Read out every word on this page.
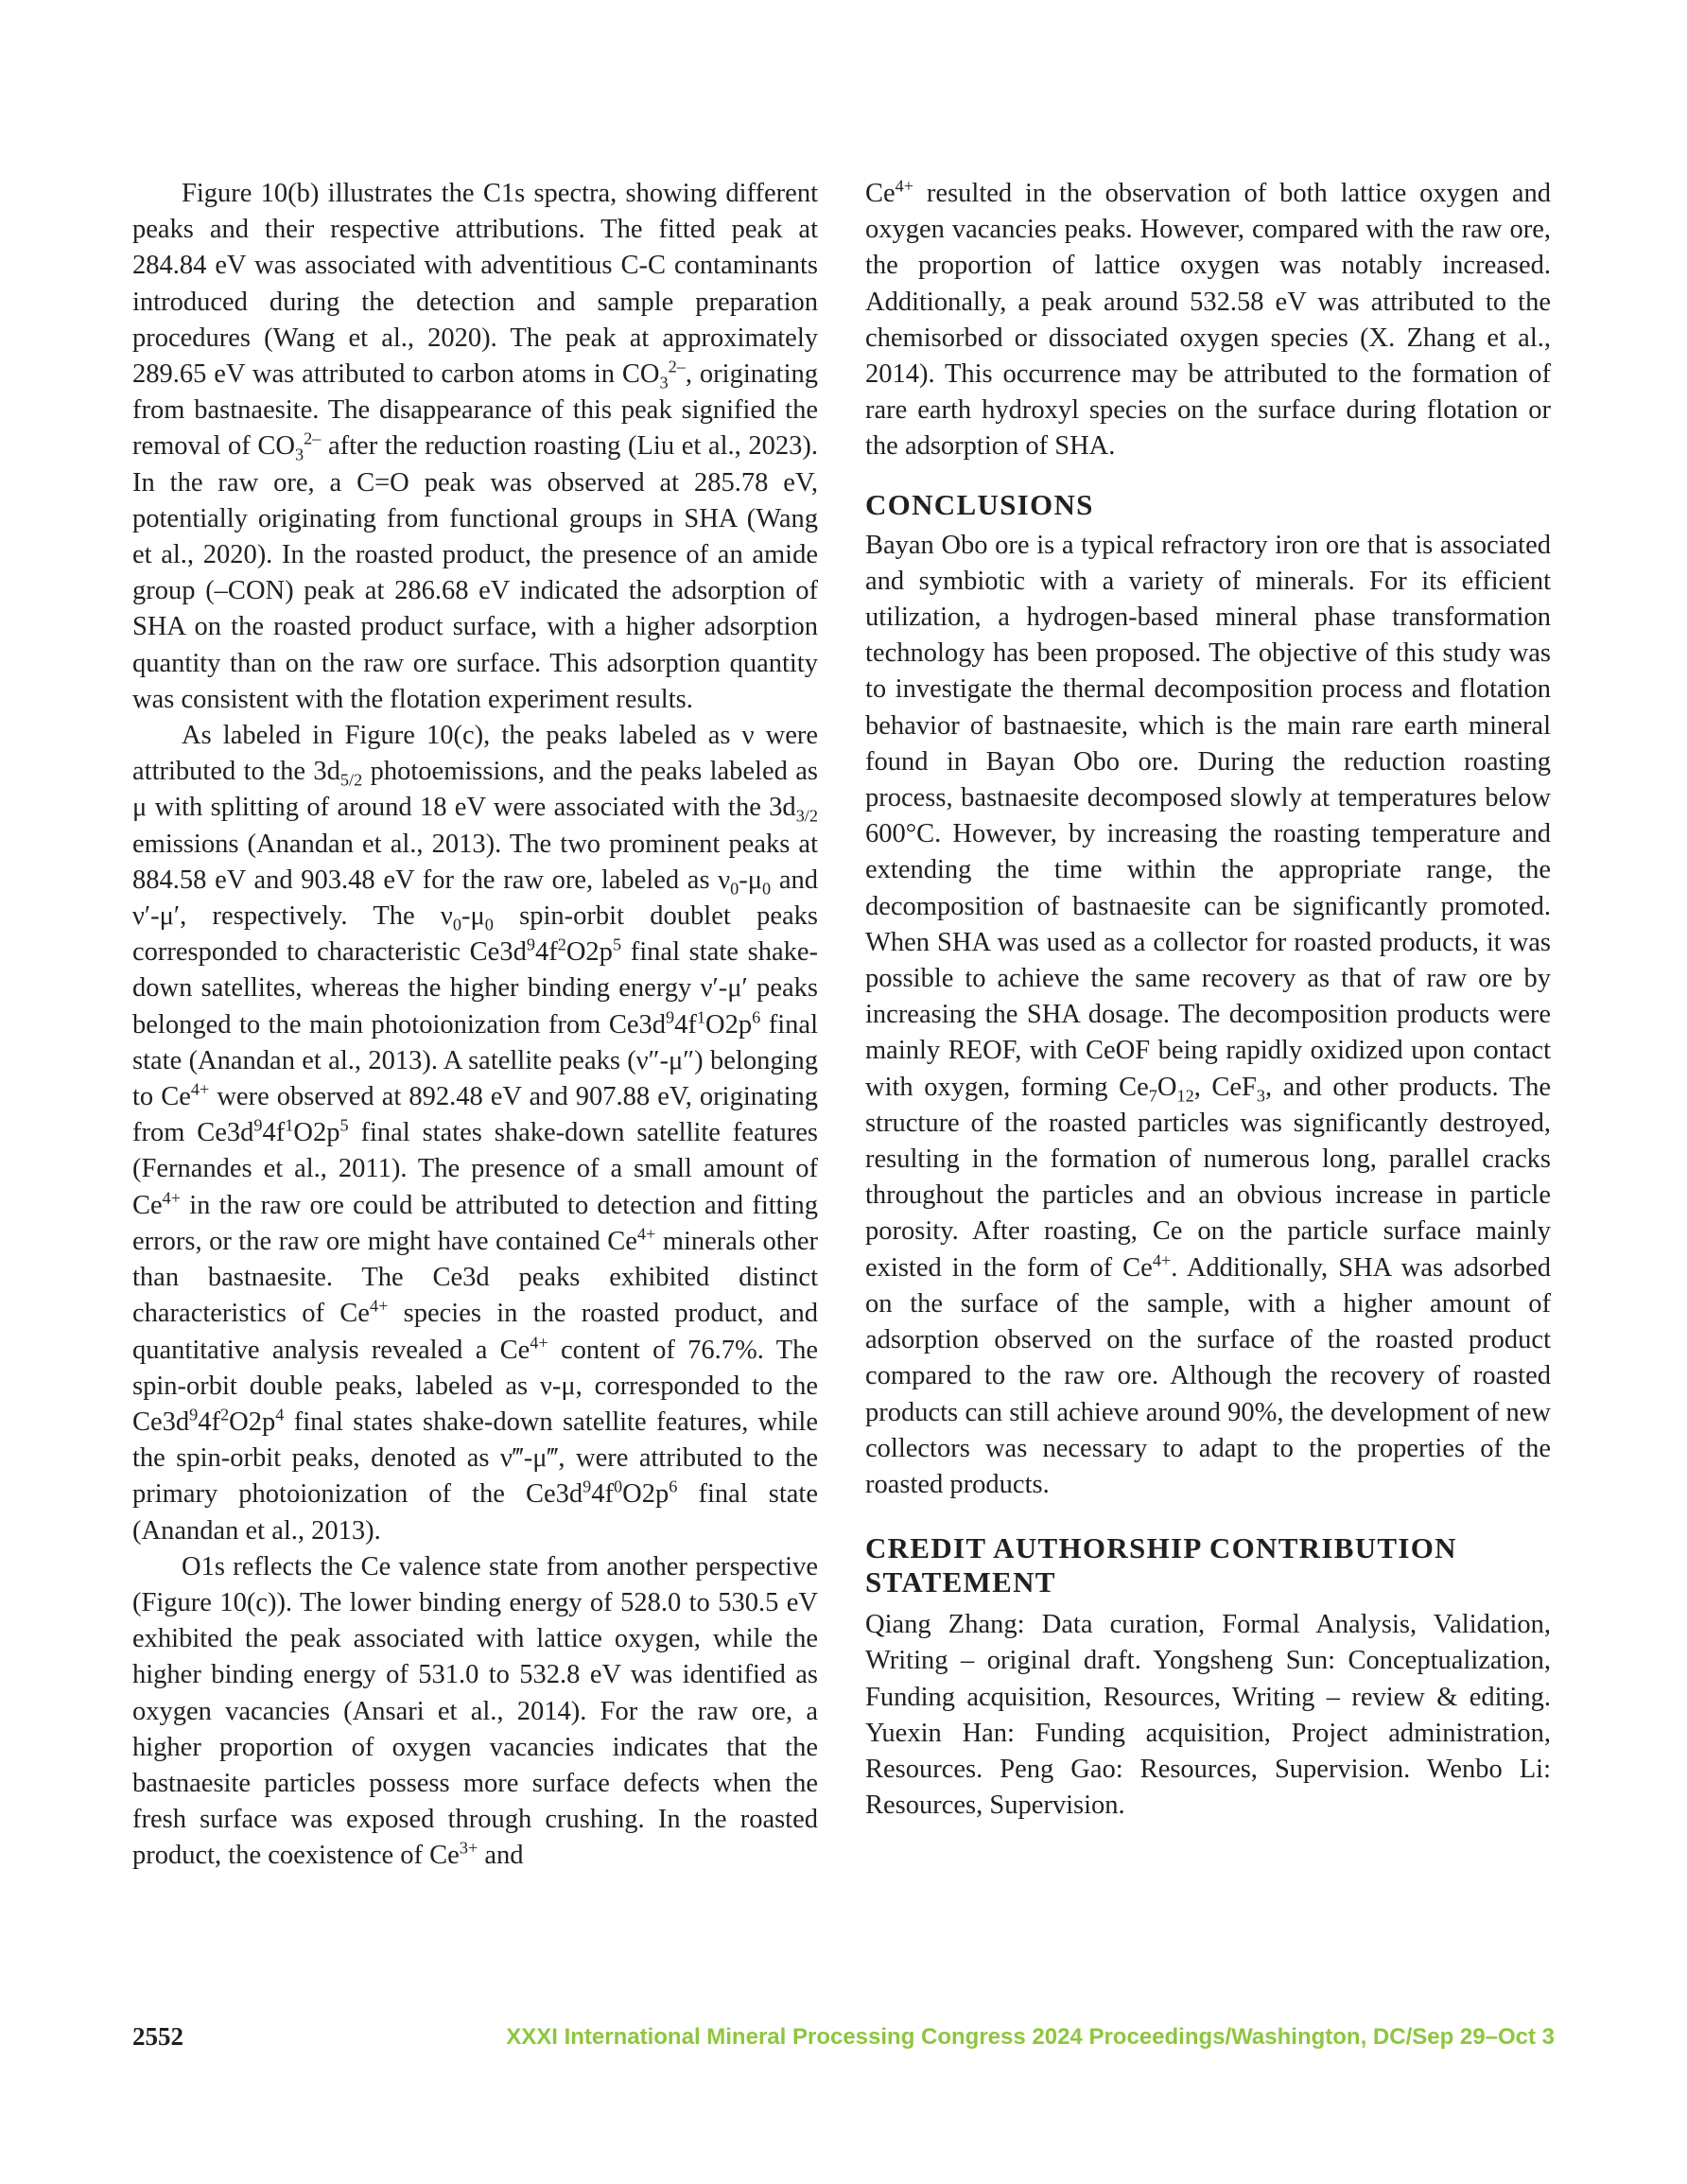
Figure 10(b) illustrates the C1s spectra, showing different peaks and their respective attributions. The fitted peak at 284.84 eV was associated with adventitious C-C contaminants introduced during the detection and sample preparation procedures (Wang et al., 2020). The peak at approximately 289.65 eV was attributed to carbon atoms in $CO_3^{2-}$, originating from bastnaesite. The disappearance of this peak signified the removal of $CO_3^{2-}$ after the reduction roasting (Liu et al., 2023). In the raw ore, a C=O peak was observed at 285.78 eV, potentially originating from functional groups in SHA (Wang et al., 2020). In the roasted product, the presence of an amide group (–CON) peak at 286.68 eV indicated the adsorption of SHA on the roasted product surface, with a higher adsorption quantity than on the raw ore surface. This adsorption quantity was consistent with the flotation experiment results.

As labeled in Figure 10(c), the peaks labeled as ν were attributed to the $3d_{5/2}$ photoemissions, and the peaks labeled as μ with splitting of around 18 eV were associated with the $3d_{3/2}$ emissions (Anandan et al., 2013). The two prominent peaks at 884.58 eV and 903.48 eV for the raw ore, labeled as $\nu_0-\mu_0$ and ν′-μ′, respectively. The $\nu_0-\mu_0$ spin-orbit doublet peaks corresponded to characteristic $Ce3d^94f^2O2p^5$ final state shake-down satellites, whereas the higher binding energy ν′-μ′ peaks belonged to the main photoionization from $Ce3d^94f^1O2p^6$ final state (Anandan et al., 2013). A satellite peaks (ν″-μ″) belonging to $Ce^{4+}$ were observed at 892.48 eV and 907.88 eV, originating from $Ce3d^94f^1O2p^5$ final states shake-down satellite features (Fernandes et al., 2011). The presence of a small amount of $Ce^{4+}$ in the raw ore could be attributed to detection and fitting errors, or the raw ore might have contained $Ce^{4+}$ minerals other than bastnaesite. The Ce3d peaks exhibited distinct characteristics of $Ce^{4+}$ species in the roasted product, and quantitative analysis revealed a $Ce^{4+}$ content of 76.7%. The spin-orbit double peaks, labeled as ν-μ, corresponded to the $Ce3d^94f^2O2p^4$ final states shake-down satellite features, while the spin-orbit peaks, denoted as ν‴-μ‴, were attributed to the primary photoionization of the $Ce3d^94f^0O2p^6$ final state (Anandan et al., 2013).

O1s reflects the Ce valence state from another perspective (Figure 10(c)). The lower binding energy of 528.0 to 530.5 eV exhibited the peak associated with lattice oxygen, while the higher binding energy of 531.0 to 532.8 eV was identified as oxygen vacancies (Ansari et al., 2014). For the raw ore, a higher proportion of oxygen vacancies indicates that the bastnaesite particles possess more surface defects when the fresh surface was exposed through crushing. In the roasted product, the coexistence of $Ce^{3+}$ and

$Ce^{4+}$ resulted in the observation of both lattice oxygen and oxygen vacancies peaks. However, compared with the raw ore, the proportion of lattice oxygen was notably increased. Additionally, a peak around 532.58 eV was attributed to the chemisorbed or dissociated oxygen species (X. Zhang et al., 2014). This occurrence may be attributed to the formation of rare earth hydroxyl species on the surface during flotation or the adsorption of SHA.

CONCLUSIONS

Bayan Obo ore is a typical refractory iron ore that is associated and symbiotic with a variety of minerals. For its efficient utilization, a hydrogen-based mineral phase transformation technology has been proposed. The objective of this study was to investigate the thermal decomposition process and flotation behavior of bastnaesite, which is the main rare earth mineral found in Bayan Obo ore. During the reduction roasting process, bastnaesite decomposed slowly at temperatures below 600°C. However, by increasing the roasting temperature and extending the time within the appropriate range, the decomposition of bastnaesite can be significantly promoted. When SHA was used as a collector for roasted products, it was possible to achieve the same recovery as that of raw ore by increasing the SHA dosage. The decomposition products were mainly REOF, with CeOF being rapidly oxidized upon contact with oxygen, forming $Ce_7O_{12}$, CeF$_3$, and other products. The structure of the roasted particles was significantly destroyed, resulting in the formation of numerous long, parallel cracks throughout the particles and an obvious increase in particle porosity. After roasting, Ce on the particle surface mainly existed in the form of $Ce^{4+}$. Additionally, SHA was adsorbed on the surface of the sample, with a higher amount of adsorption observed on the surface of the roasted product compared to the raw ore. Although the recovery of roasted products can still achieve around 90%, the development of new collectors was necessary to adapt to the properties of the roasted products.

CREDIT AUTHORSHIP CONTRIBUTION STATEMENT

Qiang Zhang: Data curation, Formal Analysis, Validation, Writing – original draft. Yongsheng Sun: Conceptualization, Funding acquisition, Resources, Writing – review & editing. Yuexin Han: Funding acquisition, Project administration, Resources. Peng Gao: Resources, Supervision. Wenbo Li: Resources, Supervision.

2552	XXXI International Mineral Processing Congress 2024 Proceedings/Washington, DC/Sep 29–Oct 3
